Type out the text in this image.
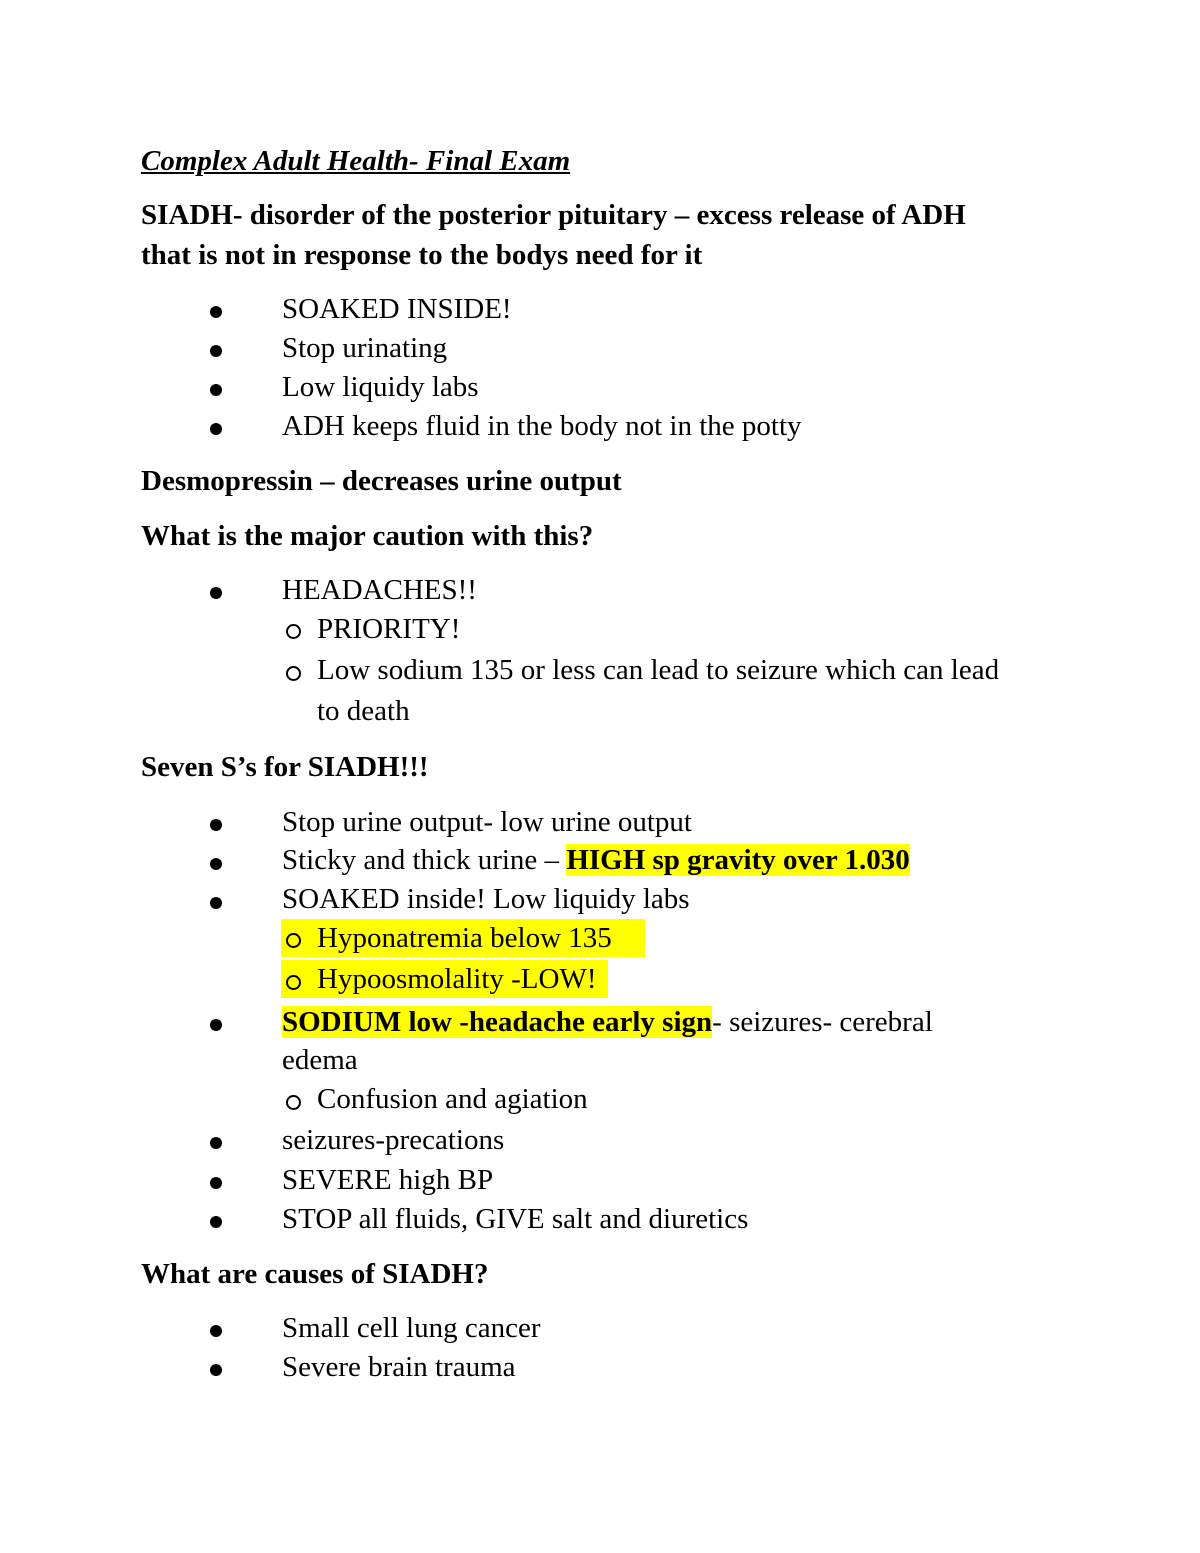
Complex Adult Health- Final Exam
SIADH- disorder of the posterior pituitary – excess release of ADH
that is not in response to the bodys need for it
SOAKED INSIDE!
Stop urinating
Low liquidy labs
ADH keeps fluid in the body not in the potty
Desmopressin – decreases urine output
What is the major caution with this?
HEADACHES!!
PRIORITY!
Low sodium 135 or less can lead to seizure which can lead
to death
Seven S’s for SIADH!!!
Stop urine output- low urine output
Sticky and thick urine – HIGH sp gravity over 1.030
SOAKED inside! Low liquidy labs
Hyponatremia below 135
Hypoosmolality -LOW!
SODIUM low -headache early sign- seizures- cerebral
edema
Confusion and agiation
seizures-precations
SEVERE high BP
STOP all fluids, GIVE salt and diuretics
What are causes of SIADH?
Small cell lung cancer
Severe brain trauma
